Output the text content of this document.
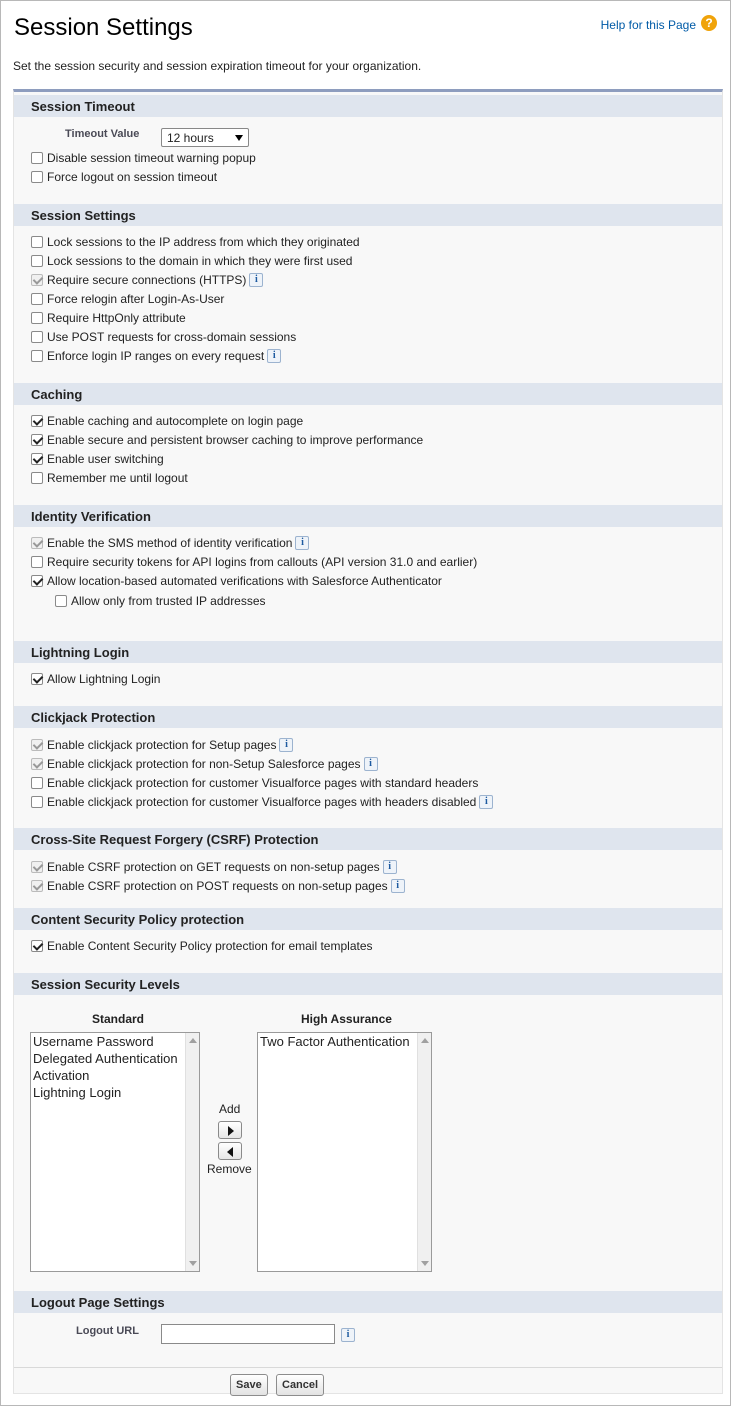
Session Settings	Help for this Page ?
Set the session security and session expiration timeout for your organization.
Session Timeout
Timeout Value	12 hours
Disable session timeout warning popup
Force logout on session timeout
Session Settings
Lock sessions to the IP address from which they originated
Lock sessions to the domain in which they were first used
Require secure connections (HTTPS) i
Force relogin after Login-As-User
Require HttpOnly attribute
Use POST requests for cross-domain sessions
Enforce login IP ranges on every request i
Caching
Enable caching and autocomplete on login page
Enable secure and persistent browser caching to improve performance
Enable user switching
Remember me until logout
Identity Verification
Enable the SMS method of identity verification i
Require security tokens for API logins from callouts (API version 31.0 and earlier)
Allow location-based automated verifications with Salesforce Authenticator
Allow only from trusted IP addresses
Lightning Login
Allow Lightning Login
Clickjack Protection
Enable clickjack protection for Setup pages i
Enable clickjack protection for non-Setup Salesforce pages i
Enable clickjack protection for customer Visualforce pages with standard headers
Enable clickjack protection for customer Visualforce pages with headers disabled i
Cross-Site Request Forgery (CSRF) Protection
Enable CSRF protection on GET requests on non-setup pages i
Enable CSRF protection on POST requests on non-setup pages i
Content Security Policy protection
Enable Content Security Policy protection for email templates
Session Security Levels
Standard	High Assurance
Username Password
Delegated Authentication
Activation
Lightning Login
Add
Remove
Two Factor Authentication
Logout Page Settings
Logout URL	i
Save	Cancel
